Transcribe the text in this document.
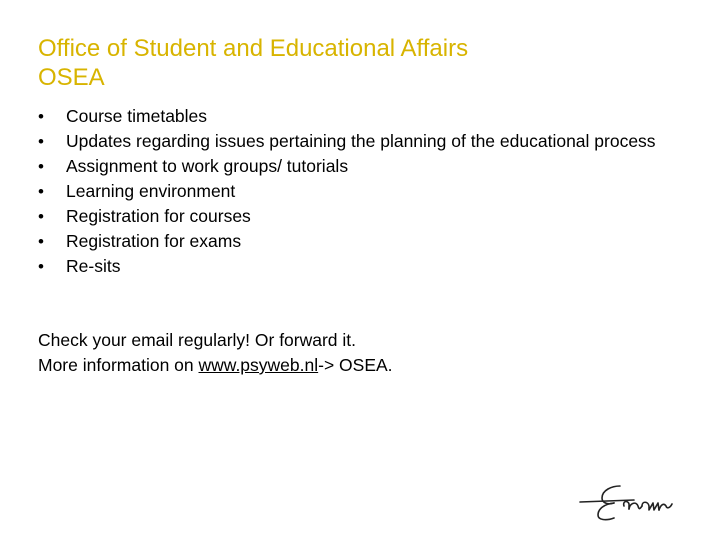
Office of Student and Educational Affairs
OSEA
• Course timetables
• Updates regarding issues pertaining the planning of the educational process
• Assignment to work groups/ tutorials
• Learning environment
• Registration for courses
• Registration for exams
• Re-sits
Check your email regularly! Or forward it.
More information on www.psyweb.nl-> OSEA.
